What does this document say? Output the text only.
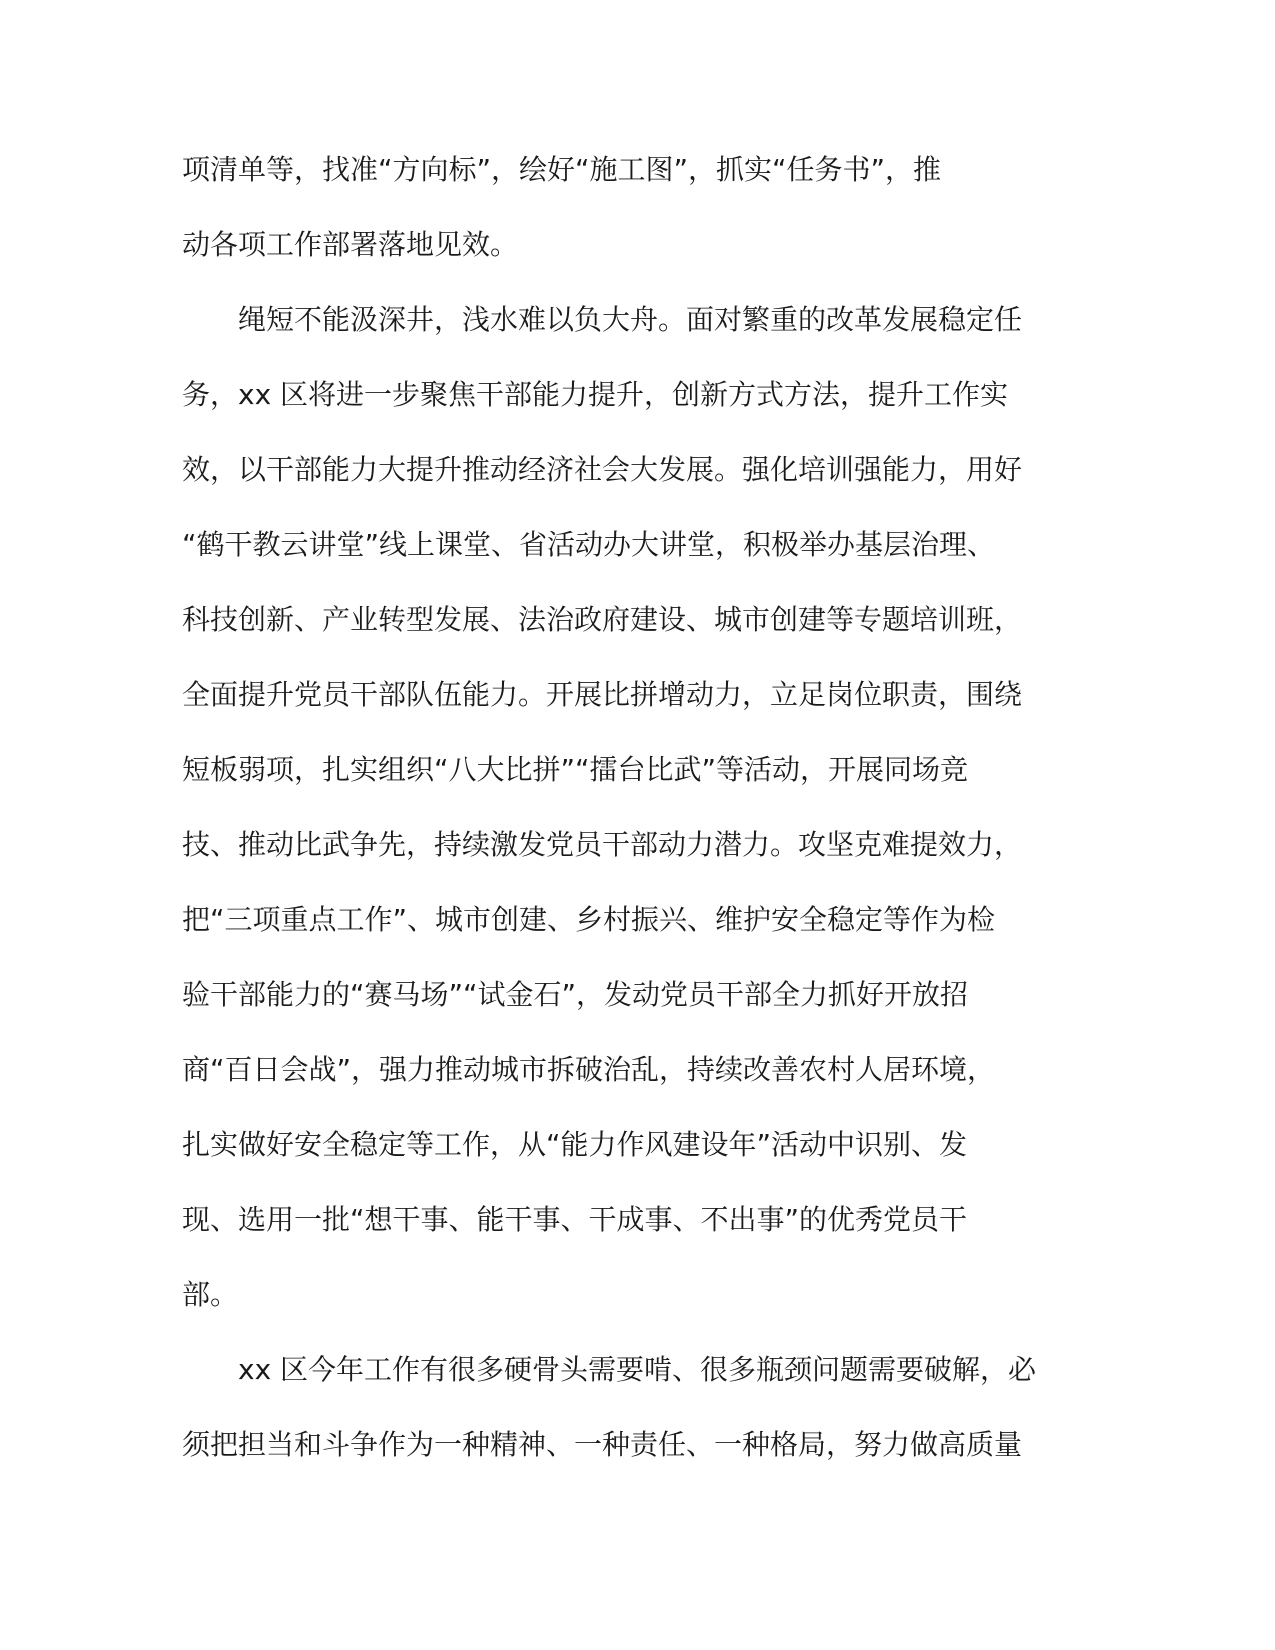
项清单等，找准“方向标”，绘好“施工图”，抓实“任务书”，推
动各项工作部署落地见效。
绳短不能汲深井，浅水难以负大舟。面对繁重的改革发展稳定任
务，xx 区将进一步聚焦干部能力提升，创新方式方法，提升工作实
效，以干部能力大提升推动经济社会大发展。强化培训强能力，用好
“鹤干教云讲堂”线上课堂、省活动办大讲堂，积极举办基层治理、
科技创新、产业转型发展、法治政府建设、城市创建等专题培训班，
全面提升党员干部队伍能力。开展比拼增动力，立足岗位职责，围绕
短板弱项，扎实组织“八大比拼”“擂台比武”等活动，开展同场竞
技、推动比武争先，持续激发党员干部动力潜力。攻坚克难提效力，
把“三项重点工作”、城市创建、乡村振兴、维护安全稳定等作为检
验干部能力的“赛马场”“试金石”，发动党员干部全力抓好开放招
商“百日会战”，强力推动城市拆破治乱，持续改善农村人居环境，
扎实做好安全稳定等工作，从“能力作风建设年”活动中识别、发
现、选用一批“想干事、能干事、干成事、不出事”的优秀党员干
部。
xx 区今年工作有很多硬骨头需要啃、很多瓶颈问题需要破解，必
须把担当和斗争作为一种精神、一种责任、一种格局，努力做高质量
